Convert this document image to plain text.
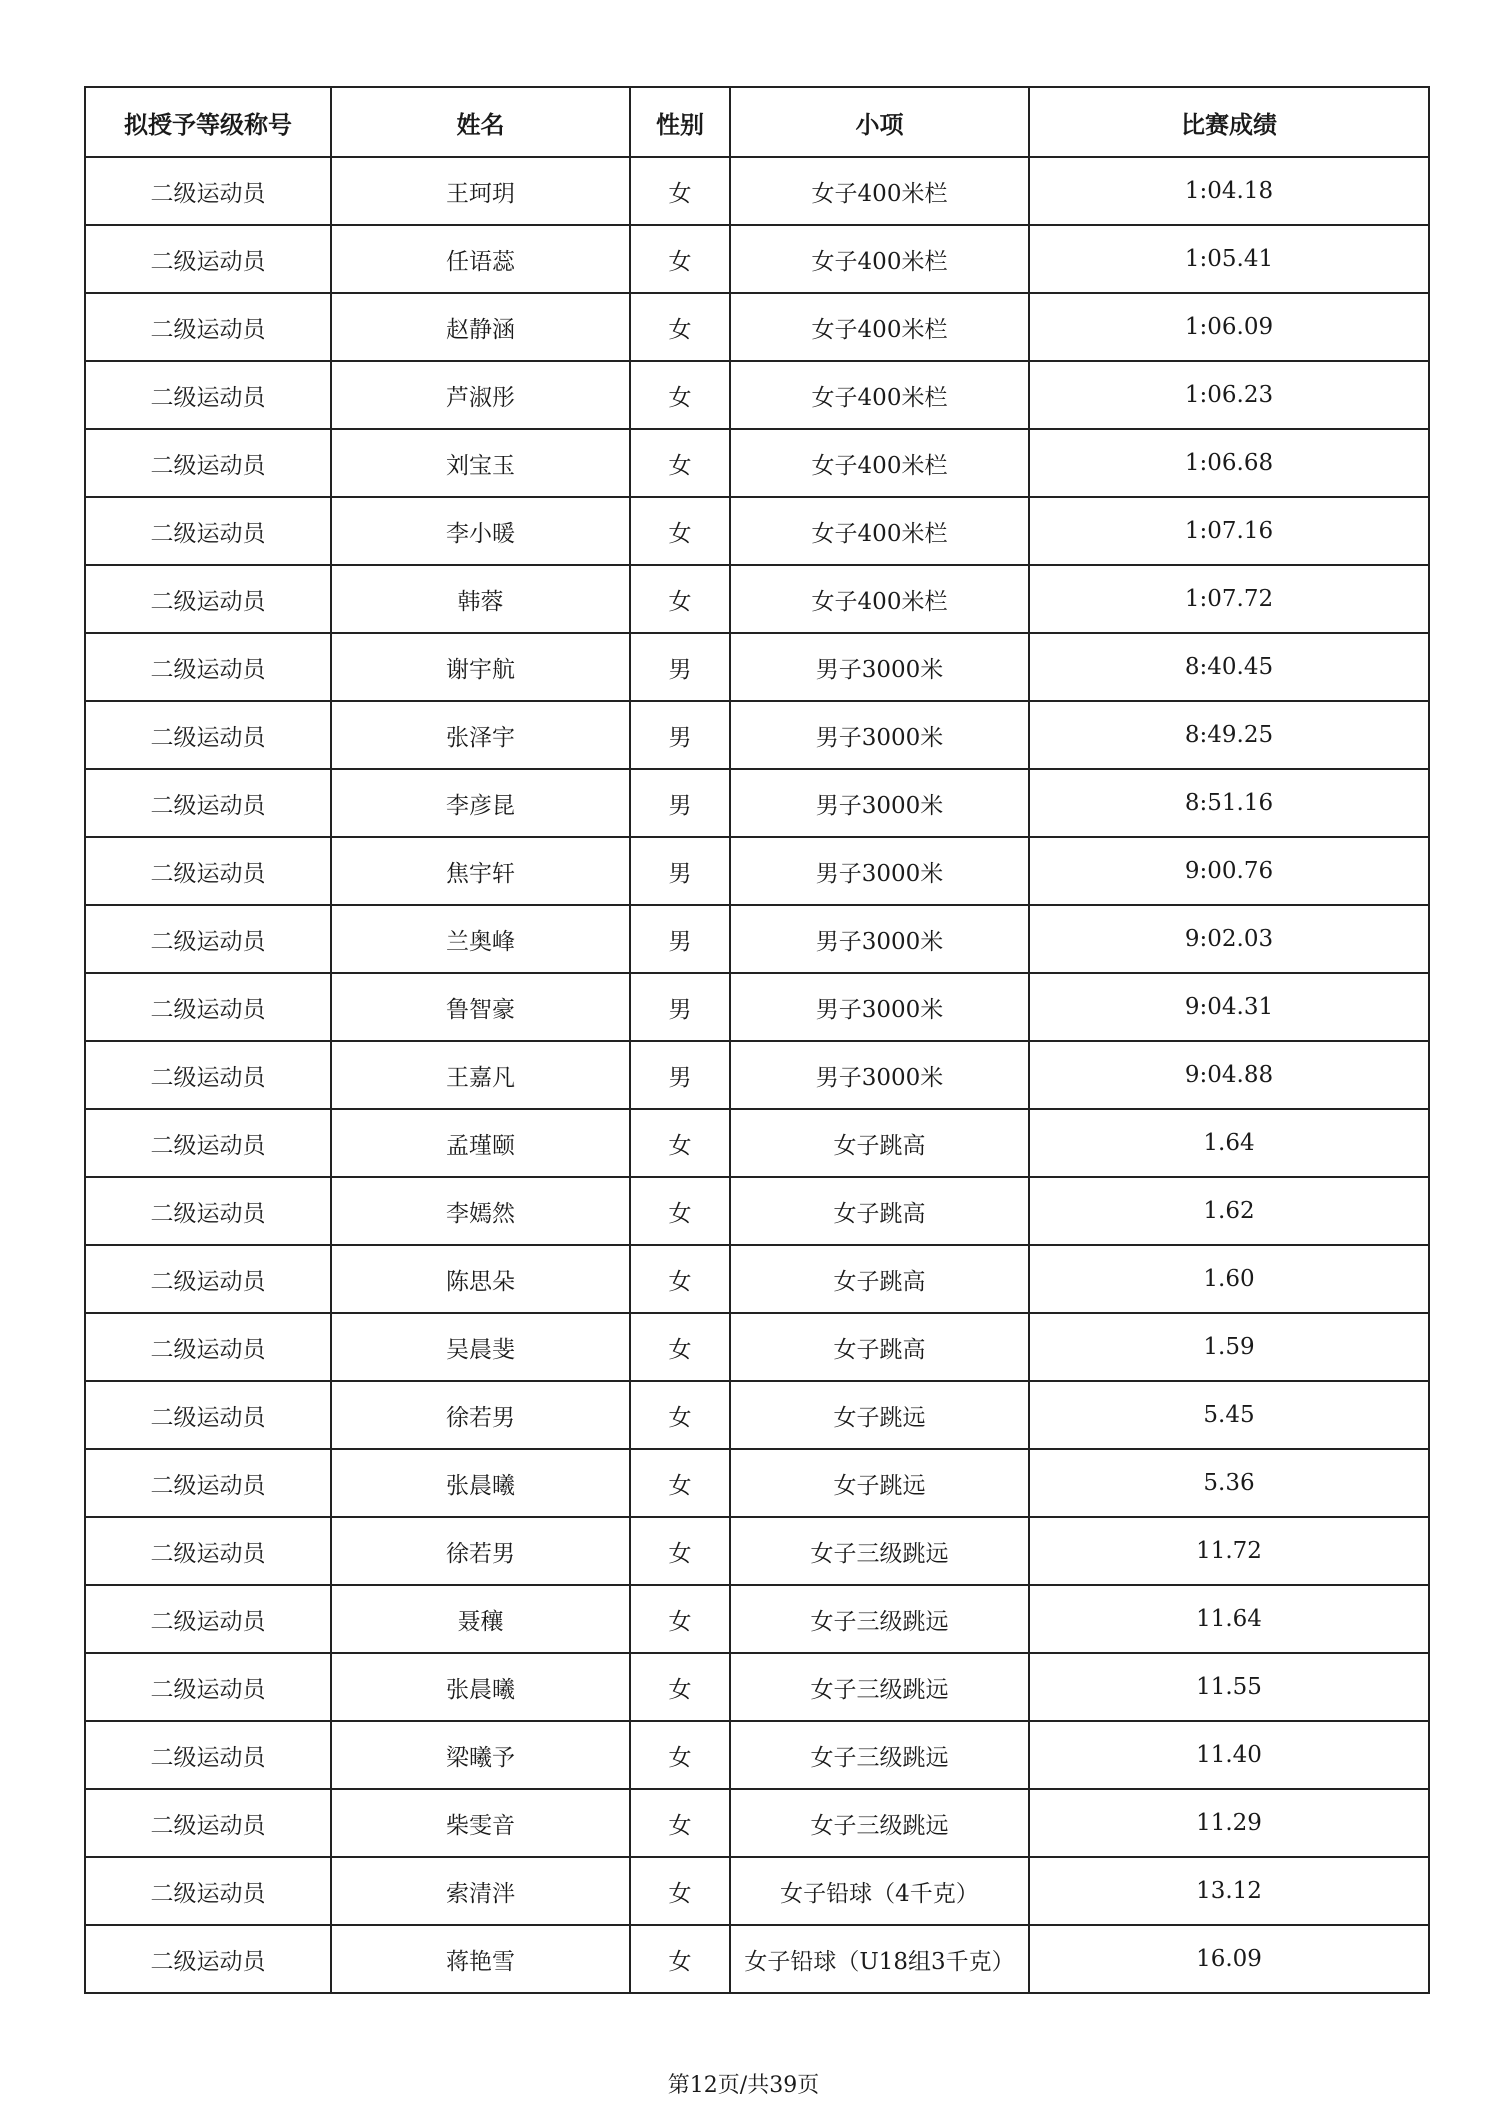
拟授予等级称号	姓名	性别	小项	比赛成绩
二级运动员	王珂玥	女	女子400米栏	1:04.18
二级运动员	任语蕊	女	女子400米栏	1:05.41
二级运动员	赵静涵	女	女子400米栏	1:06.09
二级运动员	芦淑彤	女	女子400米栏	1:06.23
二级运动员	刘宝玉	女	女子400米栏	1:06.68
二级运动员	李小暖	女	女子400米栏	1:07.16
二级运动员	韩蓉	女	女子400米栏	1:07.72
二级运动员	谢宇航	男	男子3000米	8:40.45
二级运动员	张泽宇	男	男子3000米	8:49.25
二级运动员	李彦昆	男	男子3000米	8:51.16
二级运动员	焦宇轩	男	男子3000米	9:00.76
二级运动员	兰奥峰	男	男子3000米	9:02.03
二级运动员	鲁智豪	男	男子3000米	9:04.31
二级运动员	王嘉凡	男	男子3000米	9:04.88
二级运动员	孟瑾颐	女	女子跳高	1.64
二级运动员	李嫣然	女	女子跳高	1.62
二级运动员	陈思朵	女	女子跳高	1.60
二级运动员	吴晨斐	女	女子跳高	1.59
二级运动员	徐若男	女	女子跳远	5.45
二级运动员	张晨曦	女	女子跳远	5.36
二级运动员	徐若男	女	女子三级跳远	11.72
二级运动员	聂穰	女	女子三级跳远	11.64
二级运动员	张晨曦	女	女子三级跳远	11.55
二级运动员	梁曦予	女	女子三级跳远	11.40
二级运动员	柴雯音	女	女子三级跳远	11.29
二级运动员	索清泮	女	女子铅球（4千克）	13.12
二级运动员	蒋艳雪	女	女子铅球（U18组3千克）	16.09
第12页/共39页
